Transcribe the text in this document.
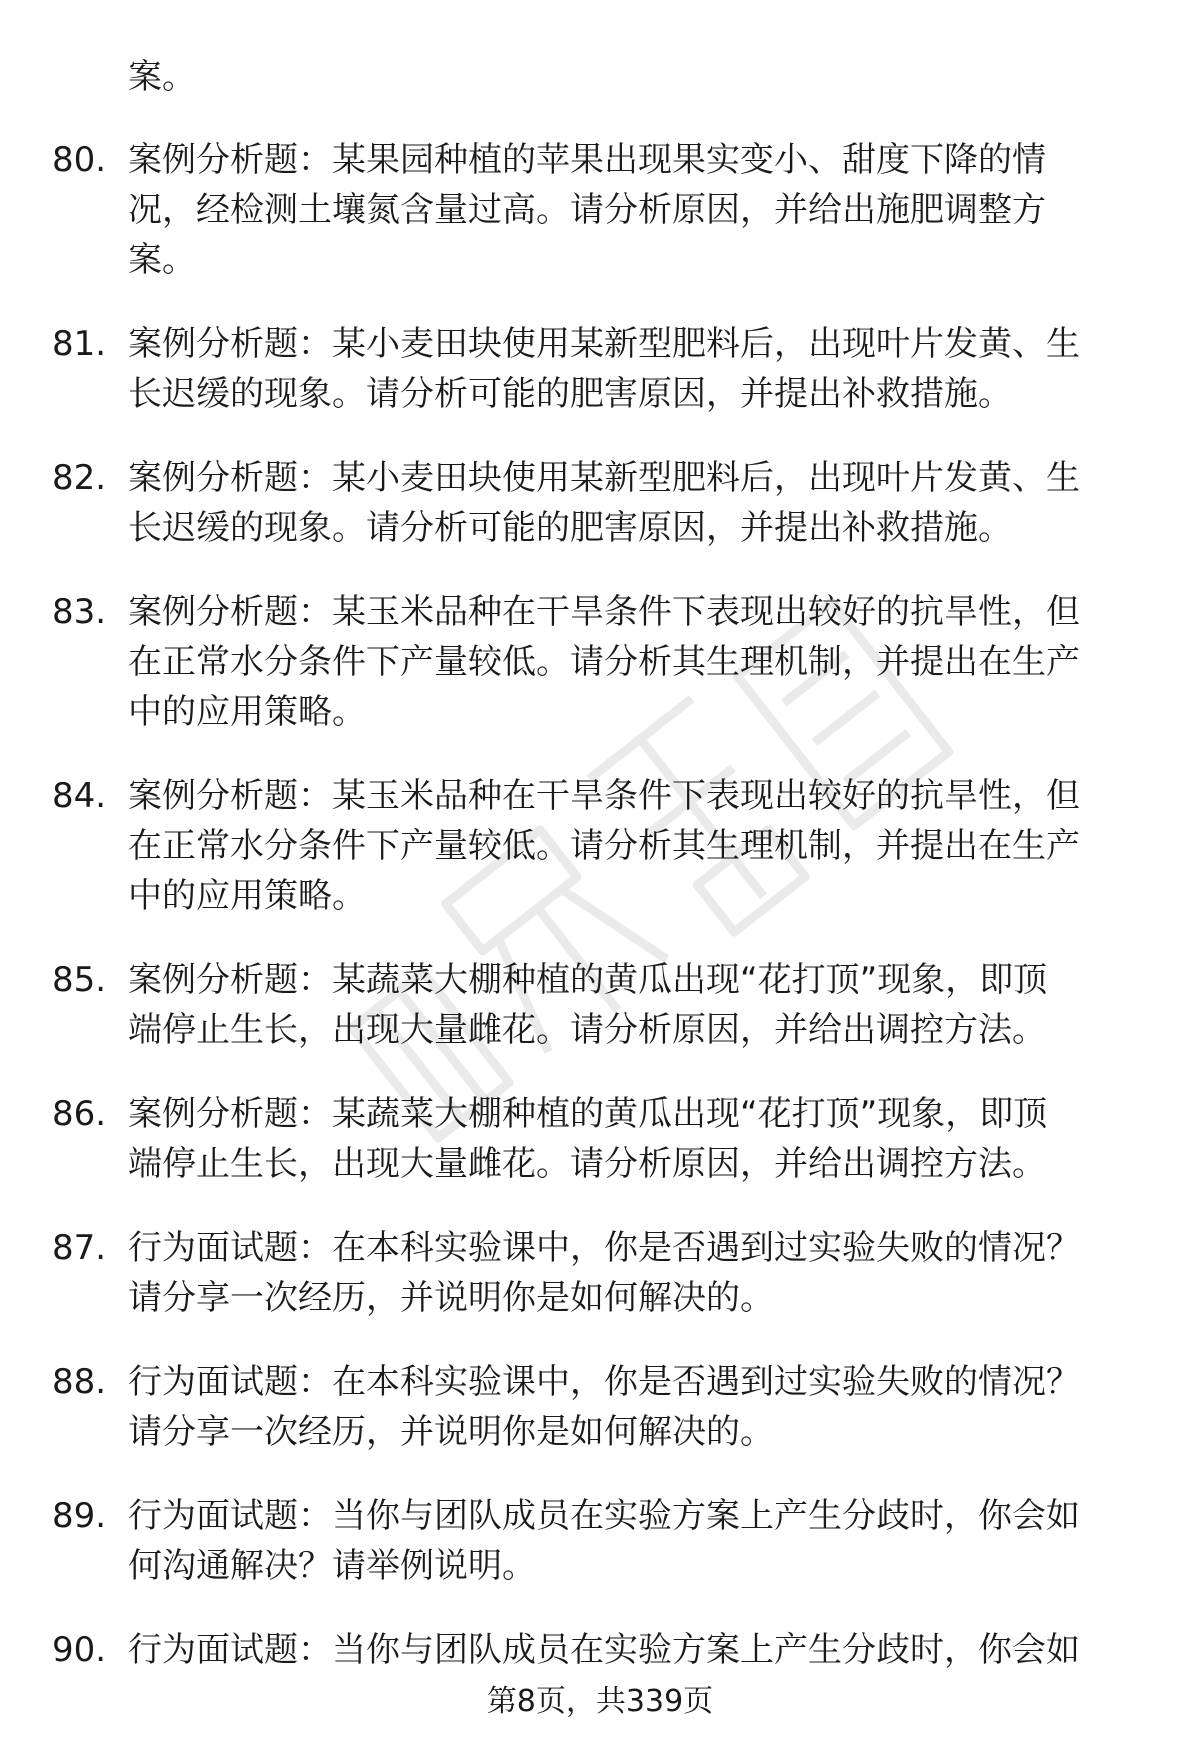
案。
80. 案例分析题：某果园种植的苹果出现果实变小、甜度下降的情
况，经检测土壤氮含量过高。请分析原因，并给出施肥调整方
案。
81. 案例分析题：某小麦田块使用某新型肥料后，出现叶片发黄、生
长迟缓的现象。请分析可能的肥害原因，并提出补救措施。
82. 案例分析题：某小麦田块使用某新型肥料后，出现叶片发黄、生
长迟缓的现象。请分析可能的肥害原因，并提出补救措施。
83. 案例分析题：某玉米品种在干旱条件下表现出较好的抗旱性，但
在正常水分条件下产量较低。请分析其生理机制，并提出在生产
中的应用策略。
84. 案例分析题：某玉米品种在干旱条件下表现出较好的抗旱性，但
在正常水分条件下产量较低。请分析其生理机制，并提出在生产
中的应用策略。
85. 案例分析题：某蔬菜大棚种植的黄瓜出现“花打顶”现象，即顶
端停止生长，出现大量雌花。请分析原因，并给出调控方法。
86. 案例分析题：某蔬菜大棚种植的黄瓜出现“花打顶”现象，即顶
端停止生长，出现大量雌花。请分析原因，并给出调控方法。
87. 行为面试题：在本科实验课中，你是否遇到过实验失败的情况？
请分享一次经历，并说明你是如何解决的。
88. 行为面试题：在本科实验课中，你是否遇到过实验失败的情况？
请分享一次经历，并说明你是如何解决的。
89. 行为面试题：当你与团队成员在实验方案上产生分歧时，你会如
何沟通解决？请举例说明。
90. 行为面试题：当你与团队成员在实验方案上产生分歧时，你会如
第8页，共339页
